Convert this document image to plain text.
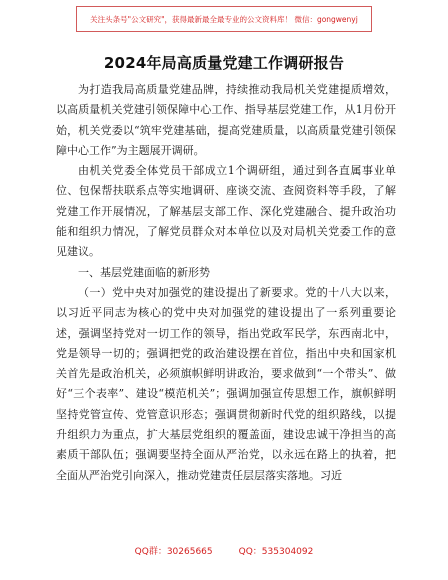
关注头条号"公文研究"，获得最新最全最专业的公文资料库！ 微信：gongwenyj
2024年局高质量党建工作调研报告

为打造我局高质量党建品牌，持续推动我局机关党建提质增效，以高质量机关党建引领保障中心工作、指导基层党建工作，从1月份开始，机关党委以“筑牢党建基础，提高党建质量，以高质量党建引领保障中心工作”为主题展开调研。

由机关党委全体党员干部成立1个调研组，通过到各直属事业单位、包保帮扶联系点等实地调研、座谈交流、查阅资料等手段，了解党建工作开展情况，了解基层支部工作、深化党建融合、提升政治功能和组织力情况，了解党员群众对本单位以及对局机关党委工作的意见建议。

一、基层党建面临的新形势

（一）党中央对加强党的建设提出了新要求。党的十八大以来，以习近平同志为核心的党中央对加强党的建设提出了一系列重要论述，强调坚持党对一切工作的领导，指出党政军民学，东西南北中，党是领导一切的；强调把党的政治建设摆在首位，指出中央和国家机关首先是政治机关，必须旗帜鲜明讲政治，要求做到“一个带头”、做好“三个表率”、建设“模范机关”；强调加强宣传思想工作，旗帜鲜明坚持党管宣传、党管意识形态；强调贯彻新时代党的组织路线，以提升组织力为重点，扩大基层党组织的覆盖面，建设忠诚干净担当的高素质干部队伍；强调要坚持全面从严治党，以永远在路上的执着，把全面从严治党引向深入，推动党建责任层层落实落地。习近

QQ群：30265665	QQ：535304092
